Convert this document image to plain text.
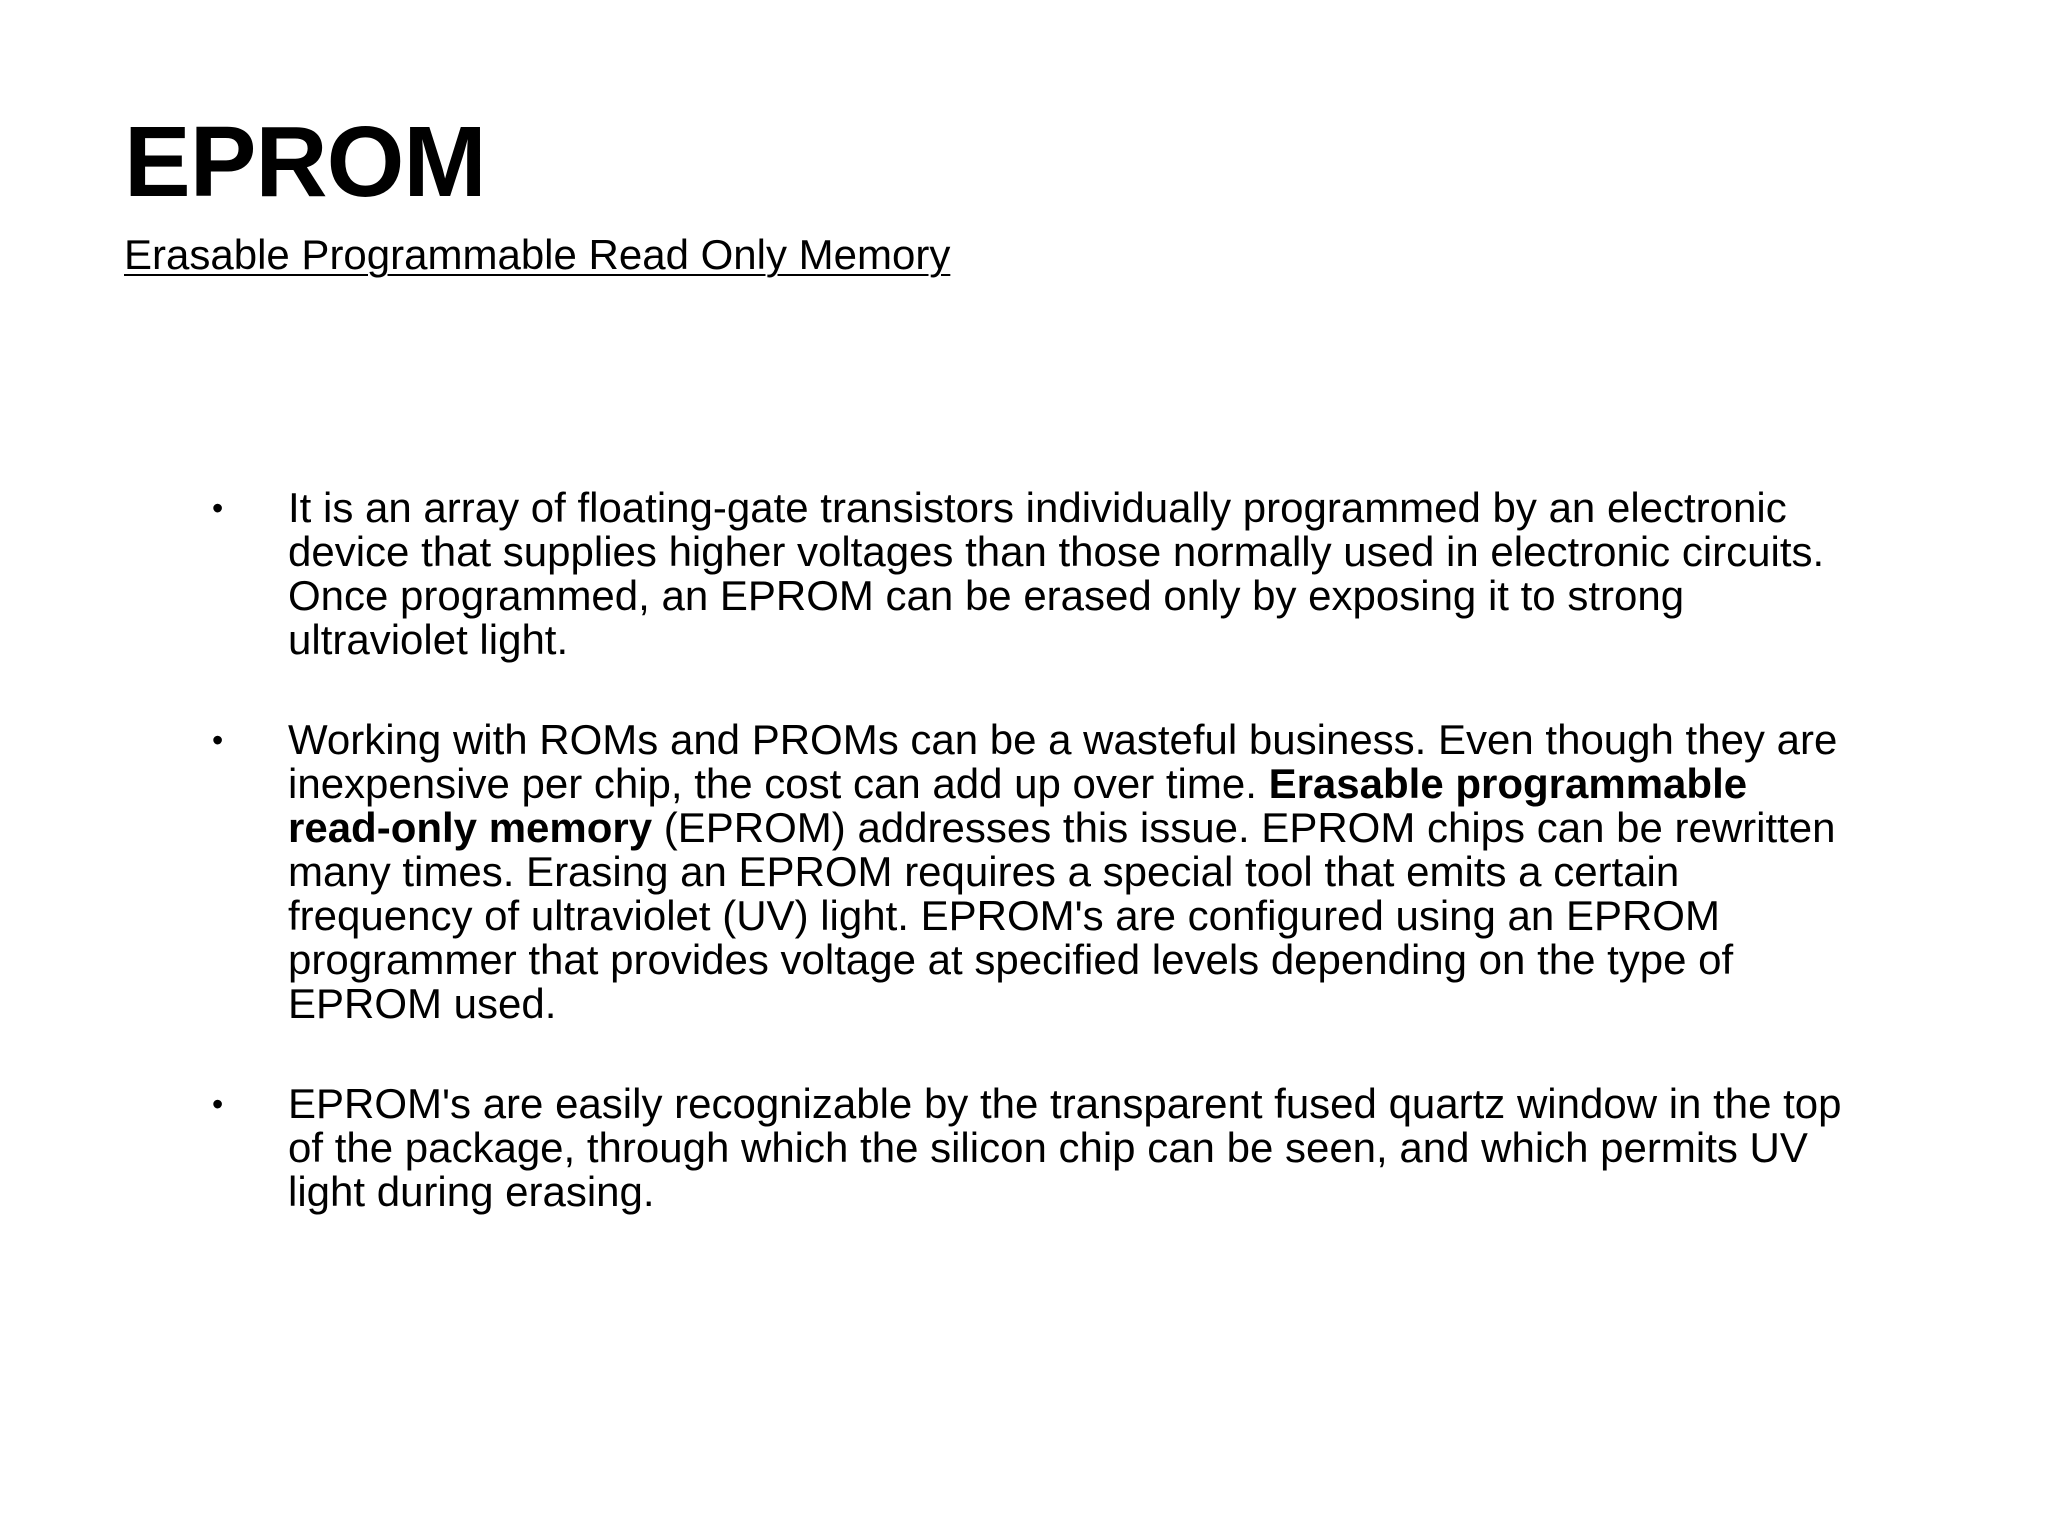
EPROM

Erasable Programmable Read Only Memory

• It is an array of floating-gate transistors individually programmed by an electronic device that supplies higher voltages than those normally used in electronic circuits. Once programmed, an EPROM can be erased only by exposing it to strong ultraviolet light.
• Working with ROMs and PROMs can be a wasteful business. Even though they are inexpensive per chip, the cost can add up over time. Erasable programmable read-only memory (EPROM) addresses this issue. EPROM chips can be rewritten many times. Erasing an EPROM requires a special tool that emits a certain frequency of ultraviolet (UV) light. EPROM's are configured using an EPROM programmer that provides voltage at specified levels depending on the type of EPROM used.
• EPROM's are easily recognizable by the transparent fused quartz window in the top of the package, through which the silicon chip can be seen, and which permits UV light during erasing.
